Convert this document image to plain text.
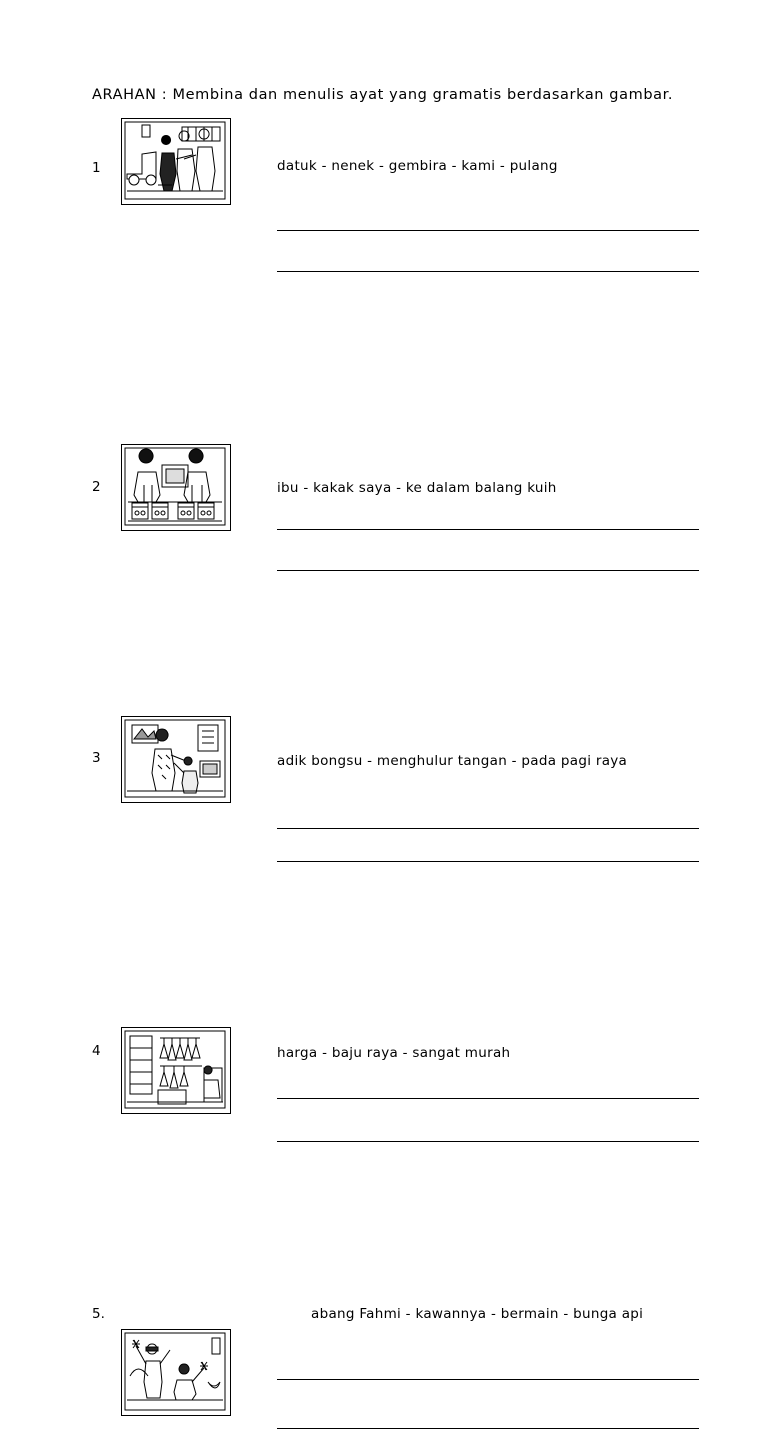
ARAHAN : Membina dan menulis ayat yang gramatis berdasarkan gambar.
1	datuk - nenek - gembira - kami - pulang
2	ibu - kakak saya - ke dalam balang kuih
3	adik bongsu - menghulur tangan - pada pagi raya
4	harga - baju raya - sangat murah
5.	abang Fahmi - kawannya - bermain - bunga api
